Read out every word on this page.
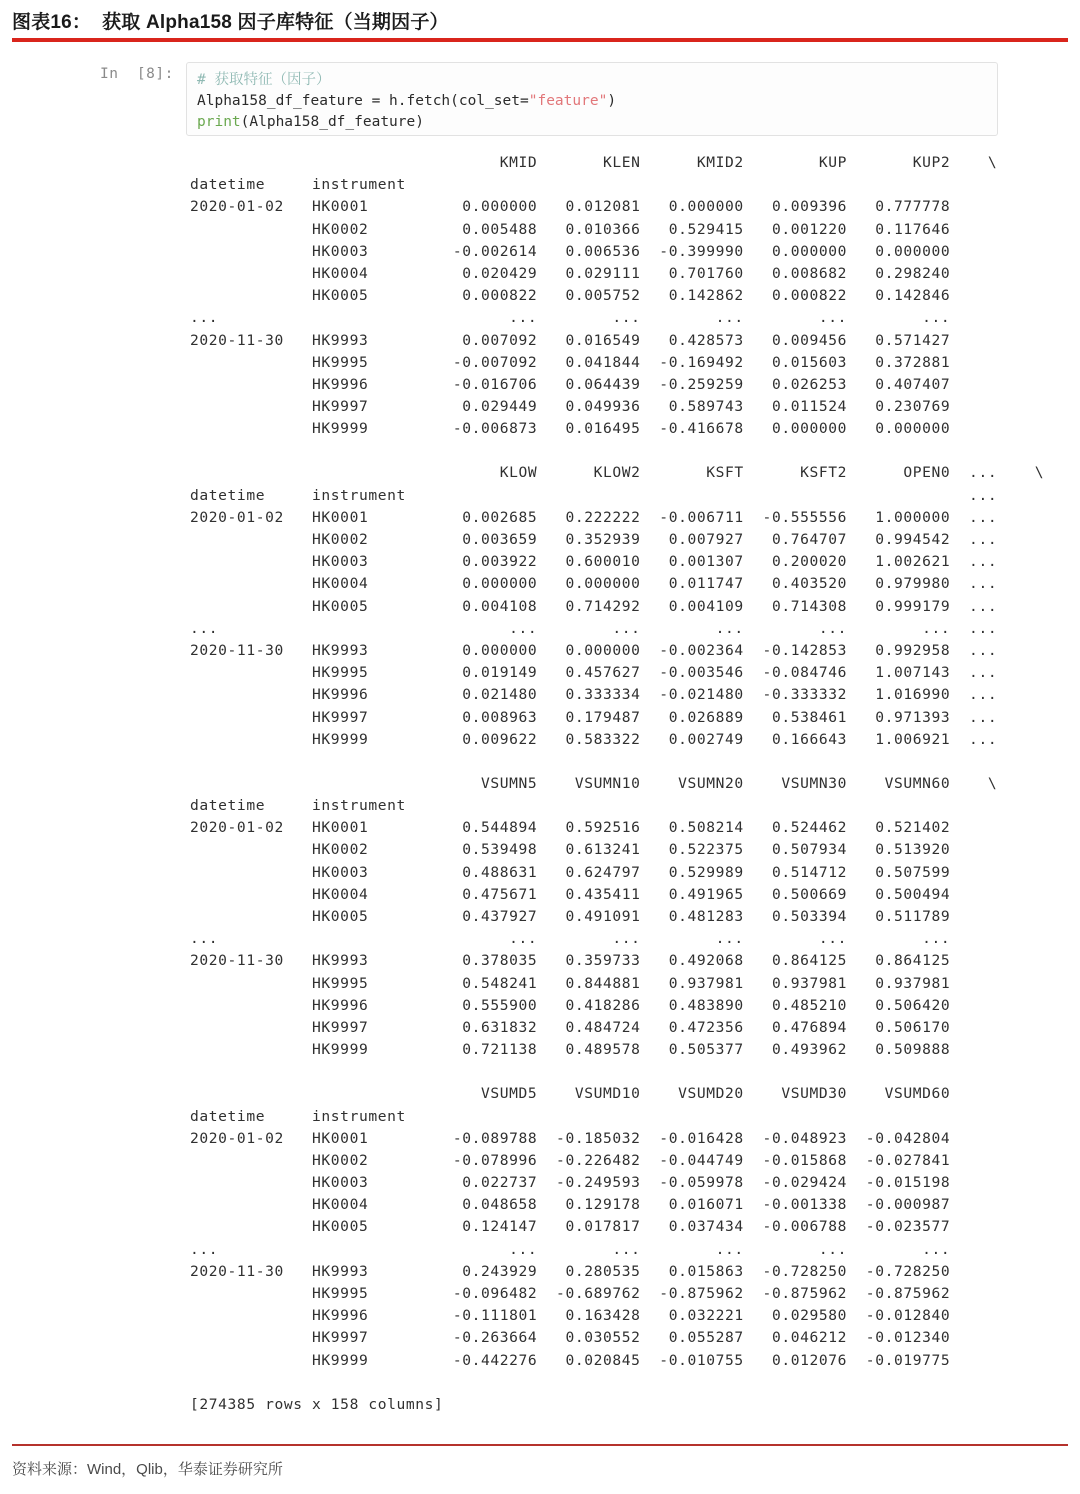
图表16：  获取 Alpha158 因子库特征（当期因子）
In  [8]:	# 获取特征（因子）
Alpha158_df_feature = h.fetch(col_set="feature")
print(Alpha158_df_feature)
KMID       KLEN      KMID2        KUP       KUP2    \
datetime     instrument
2020-01-02   HK0001          0.000000   0.012081   0.000000   0.009396   0.777778
HK0002          0.005488   0.010366   0.529415   0.001220   0.117646
HK0003         -0.002614   0.006536  -0.399990   0.000000   0.000000
HK0004          0.020429   0.029111   0.701760   0.008682   0.298240
HK0005          0.000822   0.005752   0.142862   0.000822   0.142846
...                               ...        ...        ...        ...        ...
2020-11-30   HK9993          0.007092   0.016549   0.428573   0.009456   0.571427
HK9995         -0.007092   0.041844  -0.169492   0.015603   0.372881
HK9996         -0.016706   0.064439  -0.259259   0.026253   0.407407
HK9997          0.029449   0.049936   0.589743   0.011524   0.230769
HK9999         -0.006873   0.016495  -0.416678   0.000000   0.000000
KLOW      KLOW2       KSFT      KSFT2      OPEN0  ...    \
datetime     instrument                                                            ...
2020-01-02   HK0001          0.002685   0.222222  -0.006711  -0.555556   1.000000  ...
HK0002          0.003659   0.352939   0.007927   0.764707   0.994542  ...
HK0003          0.003922   0.600010   0.001307   0.200020   1.002621  ...
HK0004          0.000000   0.000000   0.011747   0.403520   0.979980  ...
HK0005          0.004108   0.714292   0.004109   0.714308   0.999179  ...
...                               ...        ...        ...        ...        ...  ...
2020-11-30   HK9993          0.000000   0.000000  -0.002364  -0.142853   0.992958  ...
HK9995          0.019149   0.457627  -0.003546  -0.084746   1.007143  ...
HK9996          0.021480   0.333334  -0.021480  -0.333332   1.016990  ...
HK9997          0.008963   0.179487   0.026889   0.538461   0.971393  ...
HK9999          0.009622   0.583322   0.002749   0.166643   1.006921  ...
VSUMN5    VSUMN10    VSUMN20    VSUMN30    VSUMN60    \
datetime     instrument
2020-01-02   HK0001          0.544894   0.592516   0.508214   0.524462   0.521402
HK0002          0.539498   0.613241   0.522375   0.507934   0.513920
HK0003          0.488631   0.624797   0.529989   0.514712   0.507599
HK0004          0.475671   0.435411   0.491965   0.500669   0.500494
HK0005          0.437927   0.491091   0.481283   0.503394   0.511789
...                               ...        ...        ...        ...        ...
2020-11-30   HK9993          0.378035   0.359733   0.492068   0.864125   0.864125
HK9995          0.548241   0.844881   0.937981   0.937981   0.937981
HK9996          0.555900   0.418286   0.483890   0.485210   0.506420
HK9997          0.631832   0.484724   0.472356   0.476894   0.506170
HK9999          0.721138   0.489578   0.505377   0.493962   0.509888
VSUMD5    VSUMD10    VSUMD20    VSUMD30    VSUMD60
datetime     instrument
2020-01-02   HK0001         -0.089788  -0.185032  -0.016428  -0.048923  -0.042804
HK0002         -0.078996  -0.226482  -0.044749  -0.015868  -0.027841
HK0003          0.022737  -0.249593  -0.059978  -0.029424  -0.015198
HK0004          0.048658   0.129178   0.016071  -0.001338  -0.000987
HK0005          0.124147   0.017817   0.037434  -0.006788  -0.023577
...                               ...        ...        ...        ...        ...
2020-11-30   HK9993          0.243929   0.280535   0.015863  -0.728250  -0.728250
HK9995         -0.096482  -0.689762  -0.875962  -0.875962  -0.875962
HK9996         -0.111801   0.163428   0.032221   0.029580  -0.012840
HK9997         -0.263664   0.030552   0.055287   0.046212  -0.012340
HK9999         -0.442276   0.020845  -0.010755   0.012076  -0.019775
[274385 rows x 158 columns]
资料来源：Wind，Qlib，华泰证券研究所
